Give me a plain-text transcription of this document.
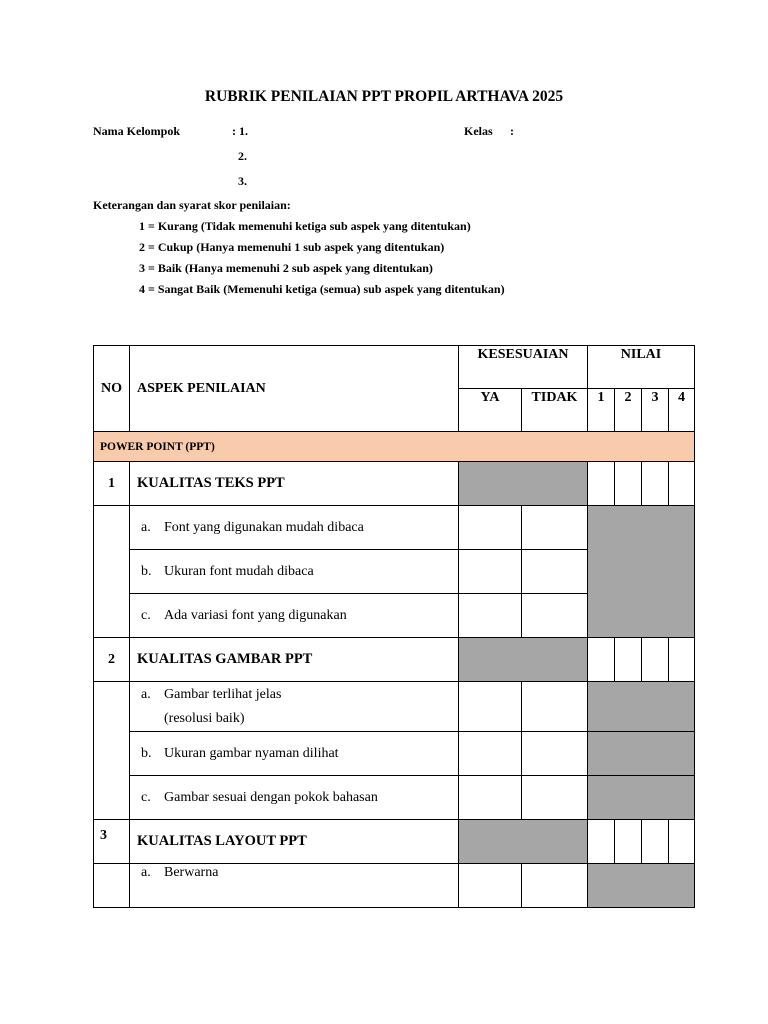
RUBRIK PENILAIAN PPT PROPIL ARTHAVA 2025
Nama Kelompok	: 1.
2.
3.
Kelas :
Keterangan dan syarat skor penilaian:
1 = Kurang (Tidak memenuhi ketiga sub aspek yang ditentukan)
2 = Cukup (Hanya memenuhi 1 sub aspek yang ditentukan)
3 = Baik (Hanya memenuhi 2 sub aspek yang ditentukan)
4 = Sangat Baik (Memenuhi ketiga (semua) sub aspek yang ditentukan)
NO	ASPEK PENILAIAN	KESESUAIAN		NILAI			
		YA	TIDAK	1	2	3	4
POWER POINT (PPT)							
1	KUALITAS TEKS PPT						
	a. Font yang digunakan mudah dibaca						
	b. Ukuran font mudah dibaca						
	c. Ada variasi font yang digunakan						
2	KUALITAS GAMBAR PPT						
	a. Gambar terlihat jelas
(resolusi baik)						
	b. Ukuran gambar nyaman dilihat						
	c. Gambar sesuai dengan pokok bahasan						
3	KUALITAS LAYOUT PPT						
	a. Berwarna						
